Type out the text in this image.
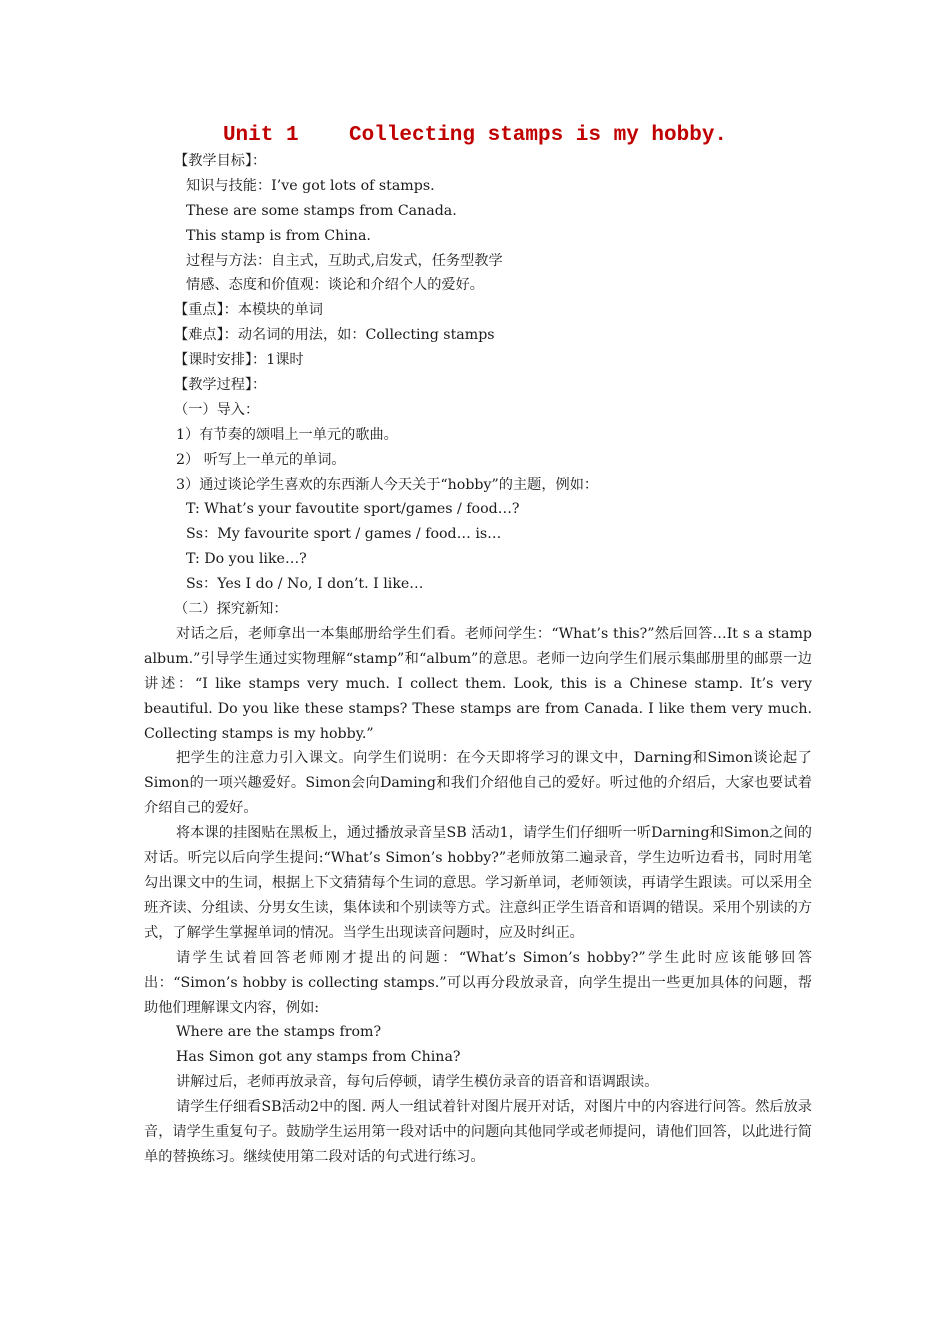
Unit 1    Collecting stamps is my hobby.
【教学目标】：
知识与技能：I’ve got lots of stamps.
These are some stamps from Canada.
This stamp is from China.
过程与方法：自主式，互助式,启发式，任务型教学
情感、态度和价值观：谈论和介绍个人的爱好。
【重点】：本模块的单词
【难点】：动名词的用法，如：Collecting stamps
【课时安排】：1课时
【教学过程】：
（一）导入：
1）有节奏的颂唱上一单元的歌曲。
2） 听写上一单元的单词。
3）通过谈论学生喜欢的东西渐人今天关于“hobby”的主题，例如：
T: What’s your favoutite sport/games / food…?
Ss：My favourite sport / games / food… is…
T: Do you like…?
Ss：Yes I do / No, I don’t. I like…
（二）探究新知：
对话之后，老师拿出一本集邮册给学生们看。老师问学生：“What’s this?”然后回答…It s a stamp album.”引导学生通过实物理解“stamp”和“album”的意思。老师一边向学生们展示集邮册里的邮票一边讲述：“I like stamps very much. I collect them. Look, this is a Chinese stamp. It’s very beautiful. Do you like these stamps? These stamps are from Canada. I like them very much. Collecting stamps is my hobby.”
把学生的注意力引入课文。向学生们说明：在今天即将学习的课文中，Darning和Simon谈论起了Simon的一项兴趣爱好。Simon会向Daming和我们介绍他自己的爱好。听过他的介绍后，大家也要试着介绍自己的爱好。
将本课的挂图贴在黑板上，通过播放录音呈SB 活动1，请学生们仔细听一听Darning和Simon之间的对话。听完以后向学生提问:“What’s Simon’s hobby?”老师放第二遍录音，学生边听边看书，同时用笔勾出课文中的生词，根据上下文猜猜每个生词的意思。学习新单词，老师领读，再请学生跟读。可以采用全班齐读、分组读、分男女生读，集体读和个别读等方式。注意纠正学生语音和语调的错误。采用个别读的方式，了解学生掌握单词的情况。当学生出现读音问题时，应及时纠正。
请学生试着回答老师刚才提出的问题：“What’s Simon’s hobby?”学生此时应该能够回答出：“Simon’s hobby is collecting stamps.”可以再分段放录音，向学生提出一些更加具体的问题，帮助他们理解课文内容，例如:
Where are the stamps from?
Has Simon got any stamps from China?
讲解过后，老师再放录音，每句后停顿，请学生模仿录音的语音和语调跟读。
请学生仔细看SB活动2中的图. 两人一组试着针对图片展开对话，对图片中的内容进行问答。然后放录音，请学生重复句子。鼓励学生运用第一段对话中的问题向其他同学或老师提问，请他们回答，以此进行简单的替换练习。继续使用第二段对话的句式进行练习。
